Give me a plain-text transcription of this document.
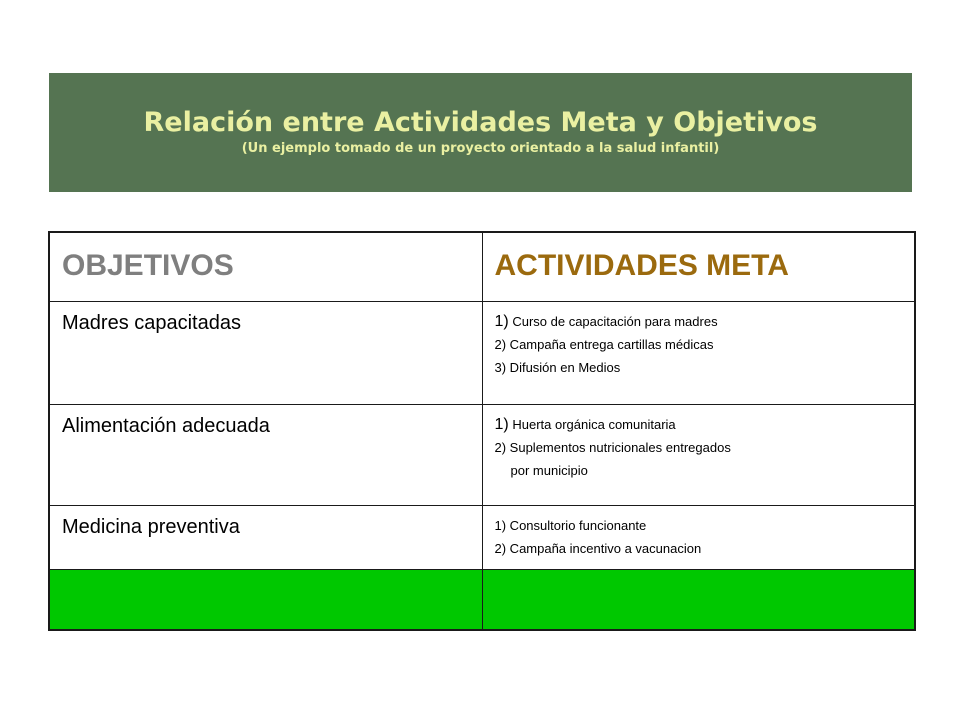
Relación entre Actividades Meta y Objetivos
(Un ejemplo tomado de un proyecto orientado a la salud infantil)
OBJETIVOS	ACTIVIDADES META
Madres capacitadas	1) Curso de capacitación para madres
2) Campaña entrega cartillas médicas
3) Difusión en Medios

Alimentación adecuada	1) Huerta orgánica comunitaria
2) Suplementos nutricionales entregados
por municipio

Medicina preventiva	1) Consultorio funcionante
2) Campaña incentivo a vacunacion
